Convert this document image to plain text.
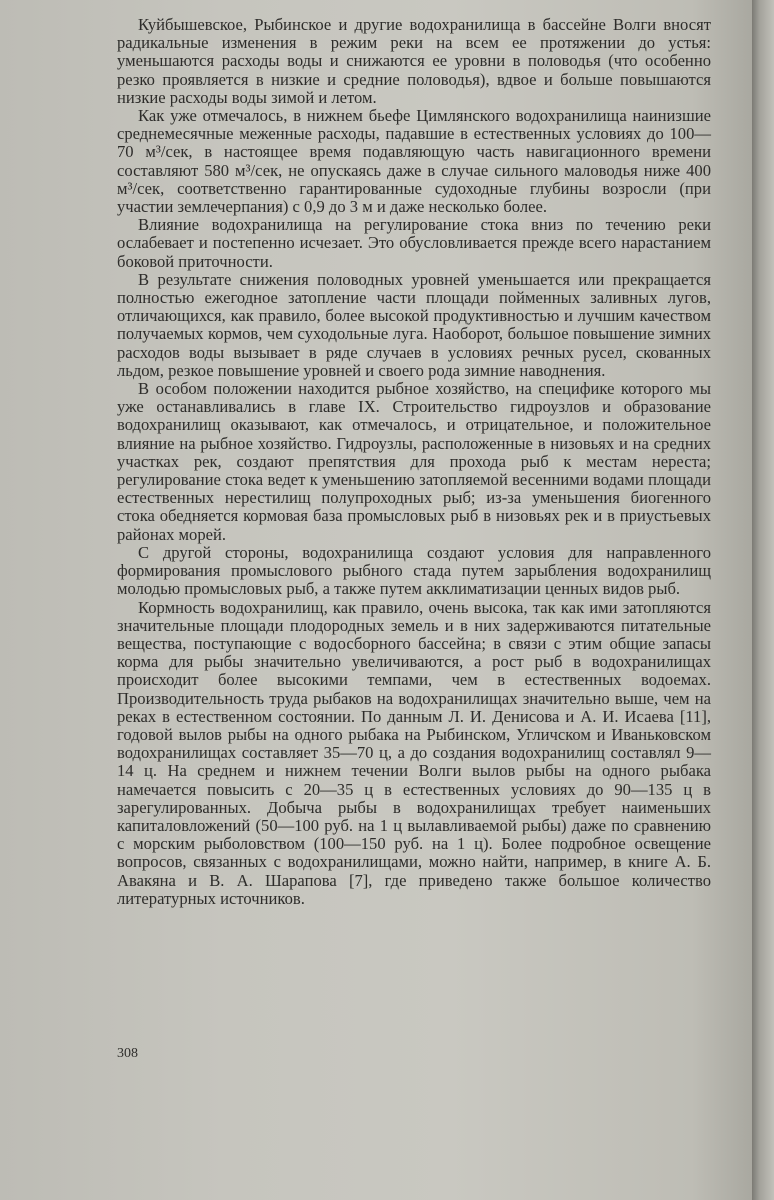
Куйбышевское, Рыбинское и другие водохранилища в бассейне Волги вносят радикальные изменения в режим реки на всем ее протяжении до устья: уменьшаются расходы воды и снижаются ее уровни в половодья (что особенно резко проявляется в низкие и средние половодья), вдвое и больше повышаются низкие расходы воды зимой и летом.

Как уже отмечалось, в нижнем бьефе Цимлянского водохранилища наинизшие среднемесячные меженные расходы, падавшие в естественных условиях до 100—70 м³/сек, в настоящее время подавляющую часть навигационного времени составляют 580 м³/сек, не опускаясь даже в случае сильного маловодья ниже 400 м³/сек, соответственно гарантированные судоходные глубины возросли (при участии землечерпания) с 0,9 до 3 м и даже несколько более.

Влияние водохранилища на регулирование стока вниз по течению реки ослабевает и постепенно исчезает. Это обусловливается прежде всего нарастанием боковой приточности.

В результате снижения половодных уровней уменьшается или прекращается полностью ежегодное затопление части площади пойменных заливных лугов, отличающихся, как правило, более высокой продуктивностью и лучшим качеством получаемых кормов, чем суходольные луга. Наоборот, большое повышение зимних расходов воды вызывает в ряде случаев в условиях речных русел, скованных льдом, резкое повышение уровней и своего рода зимние наводнения.

В особом положении находится рыбное хозяйство, на специфике которого мы уже останавливались в главе IX. Строительство гидроузлов и образование водохранилищ оказывают, как отмечалось, и отрицательное, и положительное влияние на рыбное хозяйство. Гидроузлы, расположенные в низовьях и на средних участках рек, создают препятствия для прохода рыб к местам нереста; регулирование стока ведет к уменьшению затопляемой весенними водами площади естественных нерестилищ полупроходных рыб; из-за уменьшения биогенного стока обедняется кормовая база промысловых рыб в низовьях рек и в приустьевых районах морей.

С другой стороны, водохранилища создают условия для направленного формирования промыслового рыбного стада путем зарыбления водохранилищ молодью промысловых рыб, а также путем акклиматизации ценных видов рыб.

Кормность водохранилищ, как правило, очень высока, так как ими затопляются значительные площади плодородных земель и в них задерживаются питательные вещества, поступающие с водосборного бассейна; в связи с этим общие запасы корма для рыбы значительно увеличиваются, а рост рыб в водохранилищах происходит более высокими темпами, чем в естественных водоемах. Производительность труда рыбаков на водохранилищах значительно выше, чем на реках в естественном состоянии. По данным Л. И. Денисова и А. И. Исаева [11], годовой вылов рыбы на одного рыбака на Рыбинском, Угличском и Иваньковском водохранилищах составляет 35—70 ц, а до создания водохранилищ составлял 9—14 ц. На среднем и нижнем течении Волги вылов рыбы на одного рыбака намечается повысить с 20—35 ц в естественных условиях до 90—135 ц в зарегулированных. Добыча рыбы в водохранилищах требует наименьших капиталовложений (50—100 руб. на 1 ц вылавливаемой рыбы) даже по сравнению с морским рыболовством (100—150 руб. на 1 ц). Более подробное освещение вопросов, связанных с водохранилищами, можно найти, например, в книге А. Б. Авакяна и В. А. Шарапова [7], где приведено также большое количество литературных источников.

308
